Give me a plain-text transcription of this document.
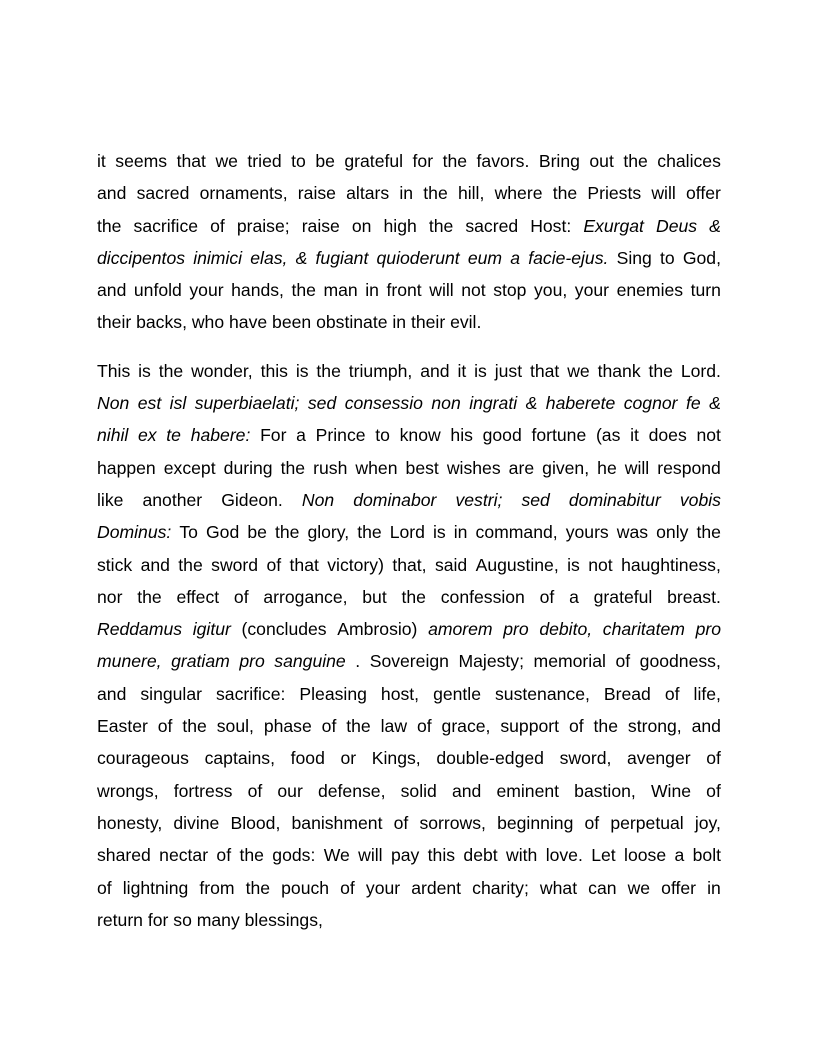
it seems that we tried to be grateful for the favors. Bring out the chalices
and sacred ornaments, raise altars in the hill, where the Priests will offer
the sacrifice of praise; raise on high the sacred Host: Exurgat Deus &
diccipentos inimici elas, & fugiant quioderunt eum a facie-ejus. Sing to God,
and unfold your hands, the man in front will not stop you, your enemies turn
their backs, who have been obstinate in their evil.

This is the wonder, this is the triumph, and it is just that we thank the Lord.
Non est isl superbiaelati; sed consessio non ingrati & haberete cognor fe &
nihil ex te habere: For a Prince to know his good fortune (as it does not
happen except during the rush when best wishes are given, he will respond
like another Gideon. Non dominabor vestri; sed dominabitur vobis
Dominus: To God be the glory, the Lord is in command, yours was only the
stick and the sword of that victory) that, said Augustine, is not haughtiness,
nor the effect of arrogance, but the confession of a grateful breast.
Reddamus igitur (concludes Ambrosio) amorem pro debito, charitatem pro
munere, gratiam pro sanguine . Sovereign Majesty; memorial of goodness,
and singular sacrifice: Pleasing host, gentle sustenance, Bread of life,
Easter of the soul, phase of the law of grace, support of the strong, and
courageous captains, food or Kings, double-edged sword, avenger of
wrongs, fortress of our defense, solid and eminent bastion, Wine of
honesty, divine Blood, banishment of sorrows, beginning of perpetual joy,
shared nectar of the gods: We will pay this debt with love. Let loose a bolt
of lightning from the pouch of your ardent charity; what can we offer in
return for so many blessings,
